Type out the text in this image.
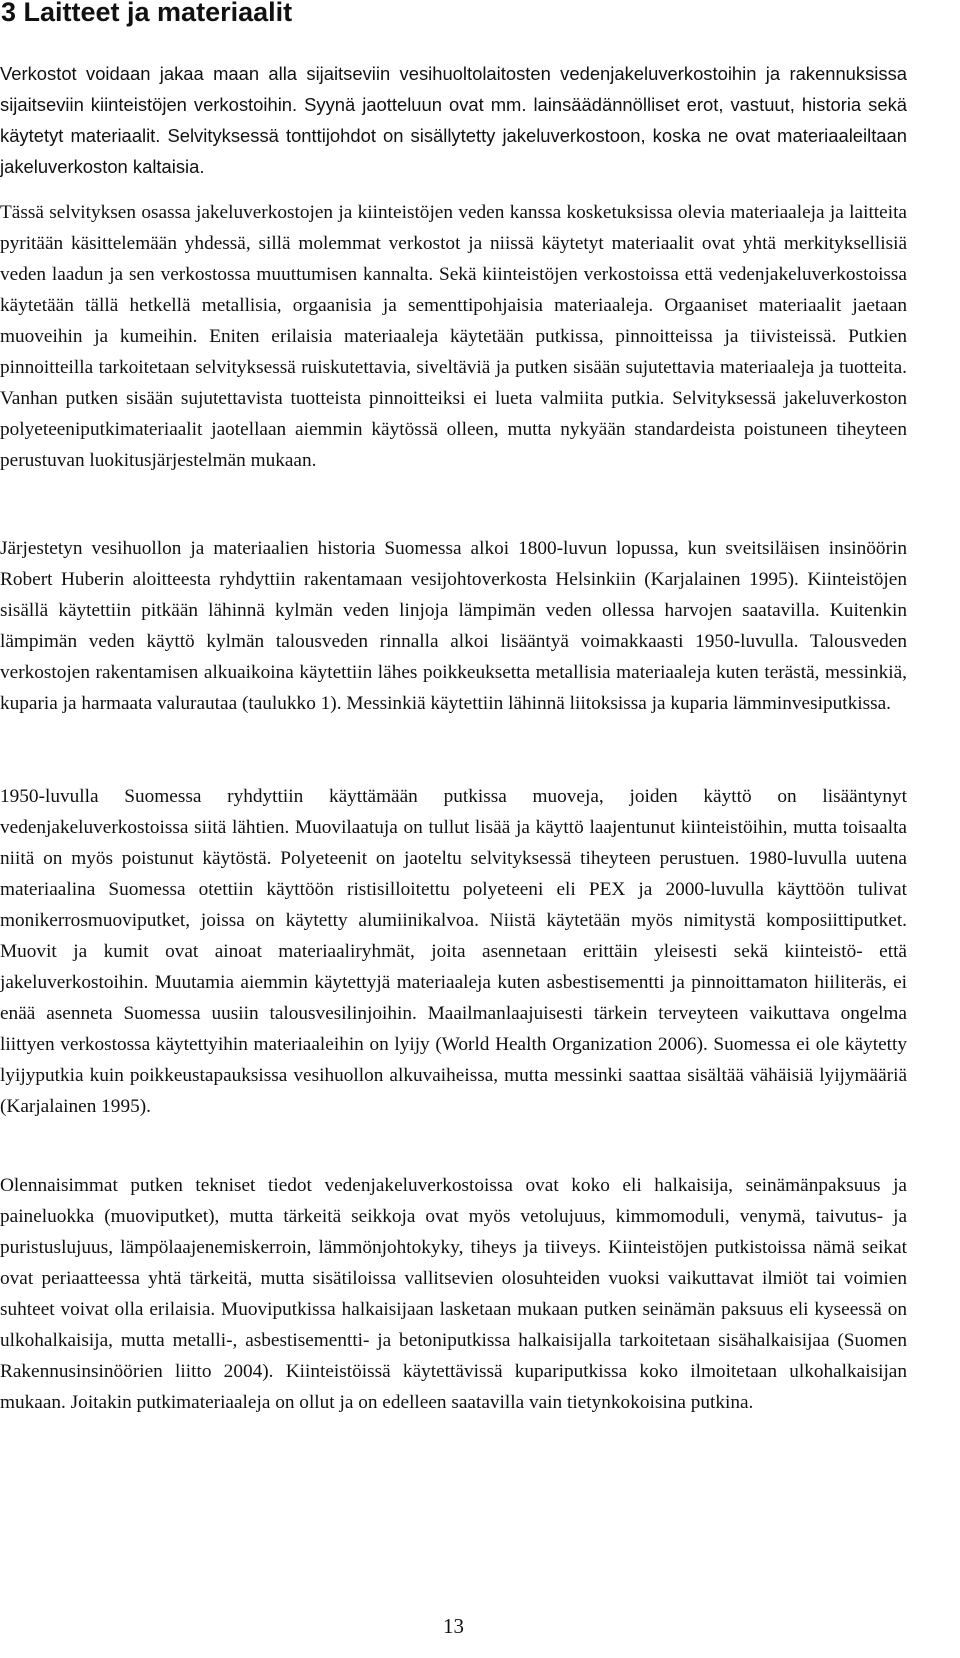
3 Laitteet ja materiaalit

Verkostot voidaan jakaa maan alla sijaitseviin vesihuoltolaitosten vedenjakeluverkostoihin ja rakennuksissa sijaitseviin kiinteistöjen verkostoihin. Syynä jaotteluun ovat mm. lainsäädännölliset erot, vastuut, historia sekä käytetyt materiaalit. Selvityksessä tonttijohdot on sisällytetty jakeluverkostoon, koska ne ovat materiaaleiltaan jakeluverkoston kaltaisia.

Tässä selvityksen osassa jakeluverkostojen ja kiinteistöjen veden kanssa kosketuksissa olevia materiaaleja ja laitteita pyritään käsittelemään yhdessä, sillä molemmat verkostot ja niissä käytetyt materiaalit ovat yhtä merkityksellisiä veden laadun ja sen verkostossa muuttumisen kannalta. Sekä kiinteistöjen verkostoissa että vedenjakeluverkostoissa käytetään tällä hetkellä metallisia, orgaanisia ja sementtipohjaisia materiaaleja. Orgaaniset materiaalit jaetaan muoveihin ja kumeihin. Eniten erilaisia materiaaleja käytetään putkissa, pinnoitteissa ja tiivisteissä. Putkien pinnoitteilla tarkoitetaan selvityksessä ruiskutettavia, siveltäviä ja putken sisään sujutettavia materiaaleja ja tuotteita. Vanhan putken sisään sujutettavista tuotteista pinnoitteiksi ei lueta valmiita putkia. Selvityksessä jakeluverkoston polyeteeniputkimateriaalit jaotellaan aiemmin käytössä olleen, mutta nykyään standardeista poistuneen tiheyteen perustuvan luokitusjärjestelmän mukaan.

Järjestetyn vesihuollon ja materiaalien historia Suomessa alkoi 1800-luvun lopussa, kun sveitsiläisen insinöörin Robert Huberin aloitteesta ryhdyttiin rakentamaan vesijohtoverkosta Helsinkiin (Karjalainen 1995). Kiinteistöjen sisällä käytettiin pitkään lähinnä kylmän veden linjoja lämpimän veden ollessa harvojen saatavilla. Kuitenkin lämpimän veden käyttö kylmän talousveden rinnalla alkoi lisääntyä voimakkaasti 1950-luvulla. Talousveden verkostojen rakentamisen alkuaikoina käytettiin lähes poikkeuksetta metallisia materiaaleja kuten terästä, messinkiä, kuparia ja harmaata valurautaa (taulukko 1). Messinkiä käytettiin lähinnä liitoksissa ja kuparia lämminvesiputkissa.

1950-luvulla Suomessa ryhdyttiin käyttämään putkissa muoveja, joiden käyttö on lisääntynyt vedenjakeluverkostoissa siitä lähtien. Muovilaatuja on tullut lisää ja käyttö laajentunut kiinteistöihin, mutta toisaalta niitä on myös poistunut käytöstä. Polyeteenit on jaoteltu selvityksessä tiheyteen perustuen. 1980-luvulla uutena materiaalina Suomessa otettiin käyttöön ristisilloitettu polyeteeni eli PEX ja 2000-luvulla käyttöön tulivat monikerrosmuoviputket, joissa on käytetty alumiinikalvoa. Niistä käytetään myös nimitystä komposiittiputket. Muovit ja kumit ovat ainoat materiaaliryhmät, joita asennetaan erittäin yleisesti sekä kiinteistö- että jakeluverkostoihin. Muutamia aiemmin käytettyjä materiaaleja kuten asbestisementti ja pinnoittamaton hiiliteräs, ei enää asenneta Suomessa uusiin talousvesilinjoihin. Maailmanlaajuisesti tärkein terveyteen vaikuttava ongelma liittyen verkostossa käytettyihin materiaaleihin on lyijy (World Health Organization 2006). Suomessa ei ole käytetty lyijyputkia kuin poikkeustapauksissa vesihuollon alkuvaiheissa, mutta messinki saattaa sisältää vähäisiä lyijymääriä (Karjalainen 1995).

Olennaisimmat putken tekniset tiedot vedenjakeluverkostoissa ovat koko eli halkaisija, seinämänpaksuus ja paineluokka (muoviputket), mutta tärkeitä seikkoja ovat myös vetolujuus, kimmomoduli, venymä, taivutus- ja puristuslujuus, lämpölaajenemiskerroin, lämmönjohtokyky, tiheys ja tiiveys. Kiinteistöjen putkistoissa nämä seikat ovat periaatteessa yhtä tärkeitä, mutta sisätiloissa vallitsevien olosuhteiden vuoksi vaikuttavat ilmiöt tai voimien suhteet voivat olla erilaisia. Muoviputkissa halkaisijaan lasketaan mukaan putken seinämän paksuus eli kyseessä on ulkohalkaisija, mutta metalli-, asbestisementti- ja betoniputkissa halkaisijalla tarkoitetaan sisähalkaisijaa (Suomen Rakennusinsinöörien liitto 2004). Kiinteistöissä käytettävissä kupariputkissa koko ilmoitetaan ulkohalkaisijan mukaan. Joitakin putkimateriaaleja on ollut ja on edelleen saatavilla vain tietynkokoisina putkina.

13
